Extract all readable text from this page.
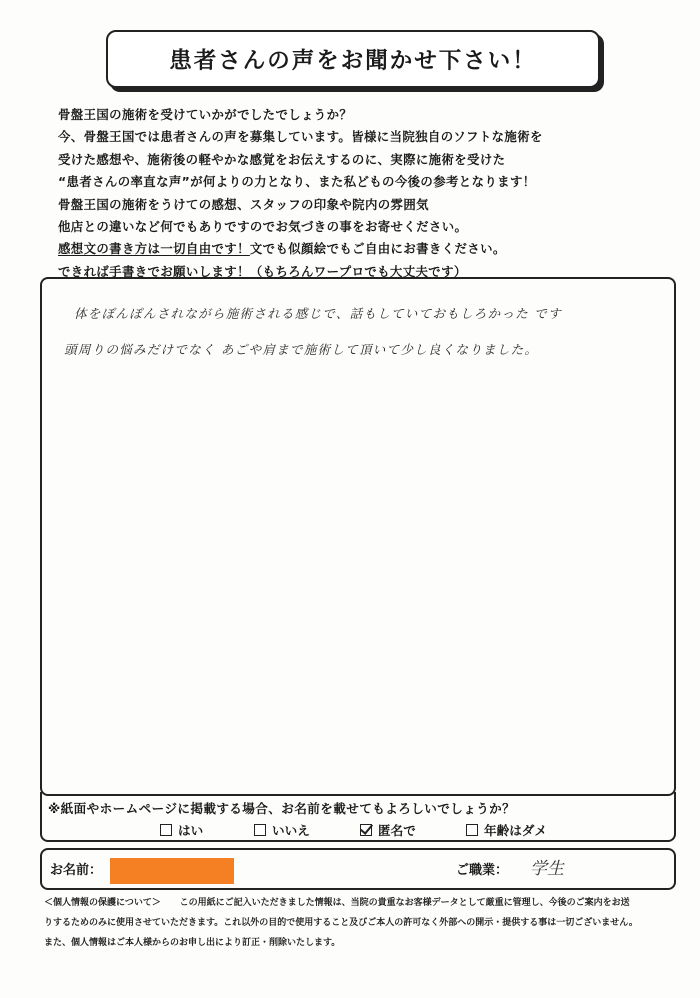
患者さんの声をお聞かせ下さい！
骨盤王国の施術を受けていかがでしたでしょうか？
今、骨盤王国では患者さんの声を募集しています。皆様に当院独自のソフトな施術を
受けた感想や、施術後の軽やかな感覚をお伝えするのに、実際に施術を受けた
“患者さんの率直な声”が何よりの力となり、また私どもの今後の参考となります！
骨盤王国の施術をうけての感想、スタッフの印象や院内の雰囲気
他店との違いなど何でもありですのでお気づきの事をお寄せください。
感想文の書き方は一切自由です！文でも似顔絵でもご自由にお書きください。
できれば手書きでお願いします！（もちろんワープロでも大丈夫です）
体をぽんぽんされながら施術される感じで、話もしていておもしろかった です
頭周りの悩みだけでなく あごや肩まで施術して頂いて少し良くなりました。
※紙面やホームページに掲載する場合、お名前を載せてもよろしいでしょうか？
はい	いいえ	匿名で	年齢はダメ
お名前：	ご職業： 学生
＜個人情報の保護について＞ この用紙にご記入いただきました情報は、当院の貴重なお客様データとして厳重に管理し、今後のご案内をお送
りするためのみに使用させていただきます。これ以外の目的で使用すること及びご本人の許可なく外部への開示・提供する事は一切ございません。
また、個人情報はご本人様からのお申し出により訂正・削除いたします。
